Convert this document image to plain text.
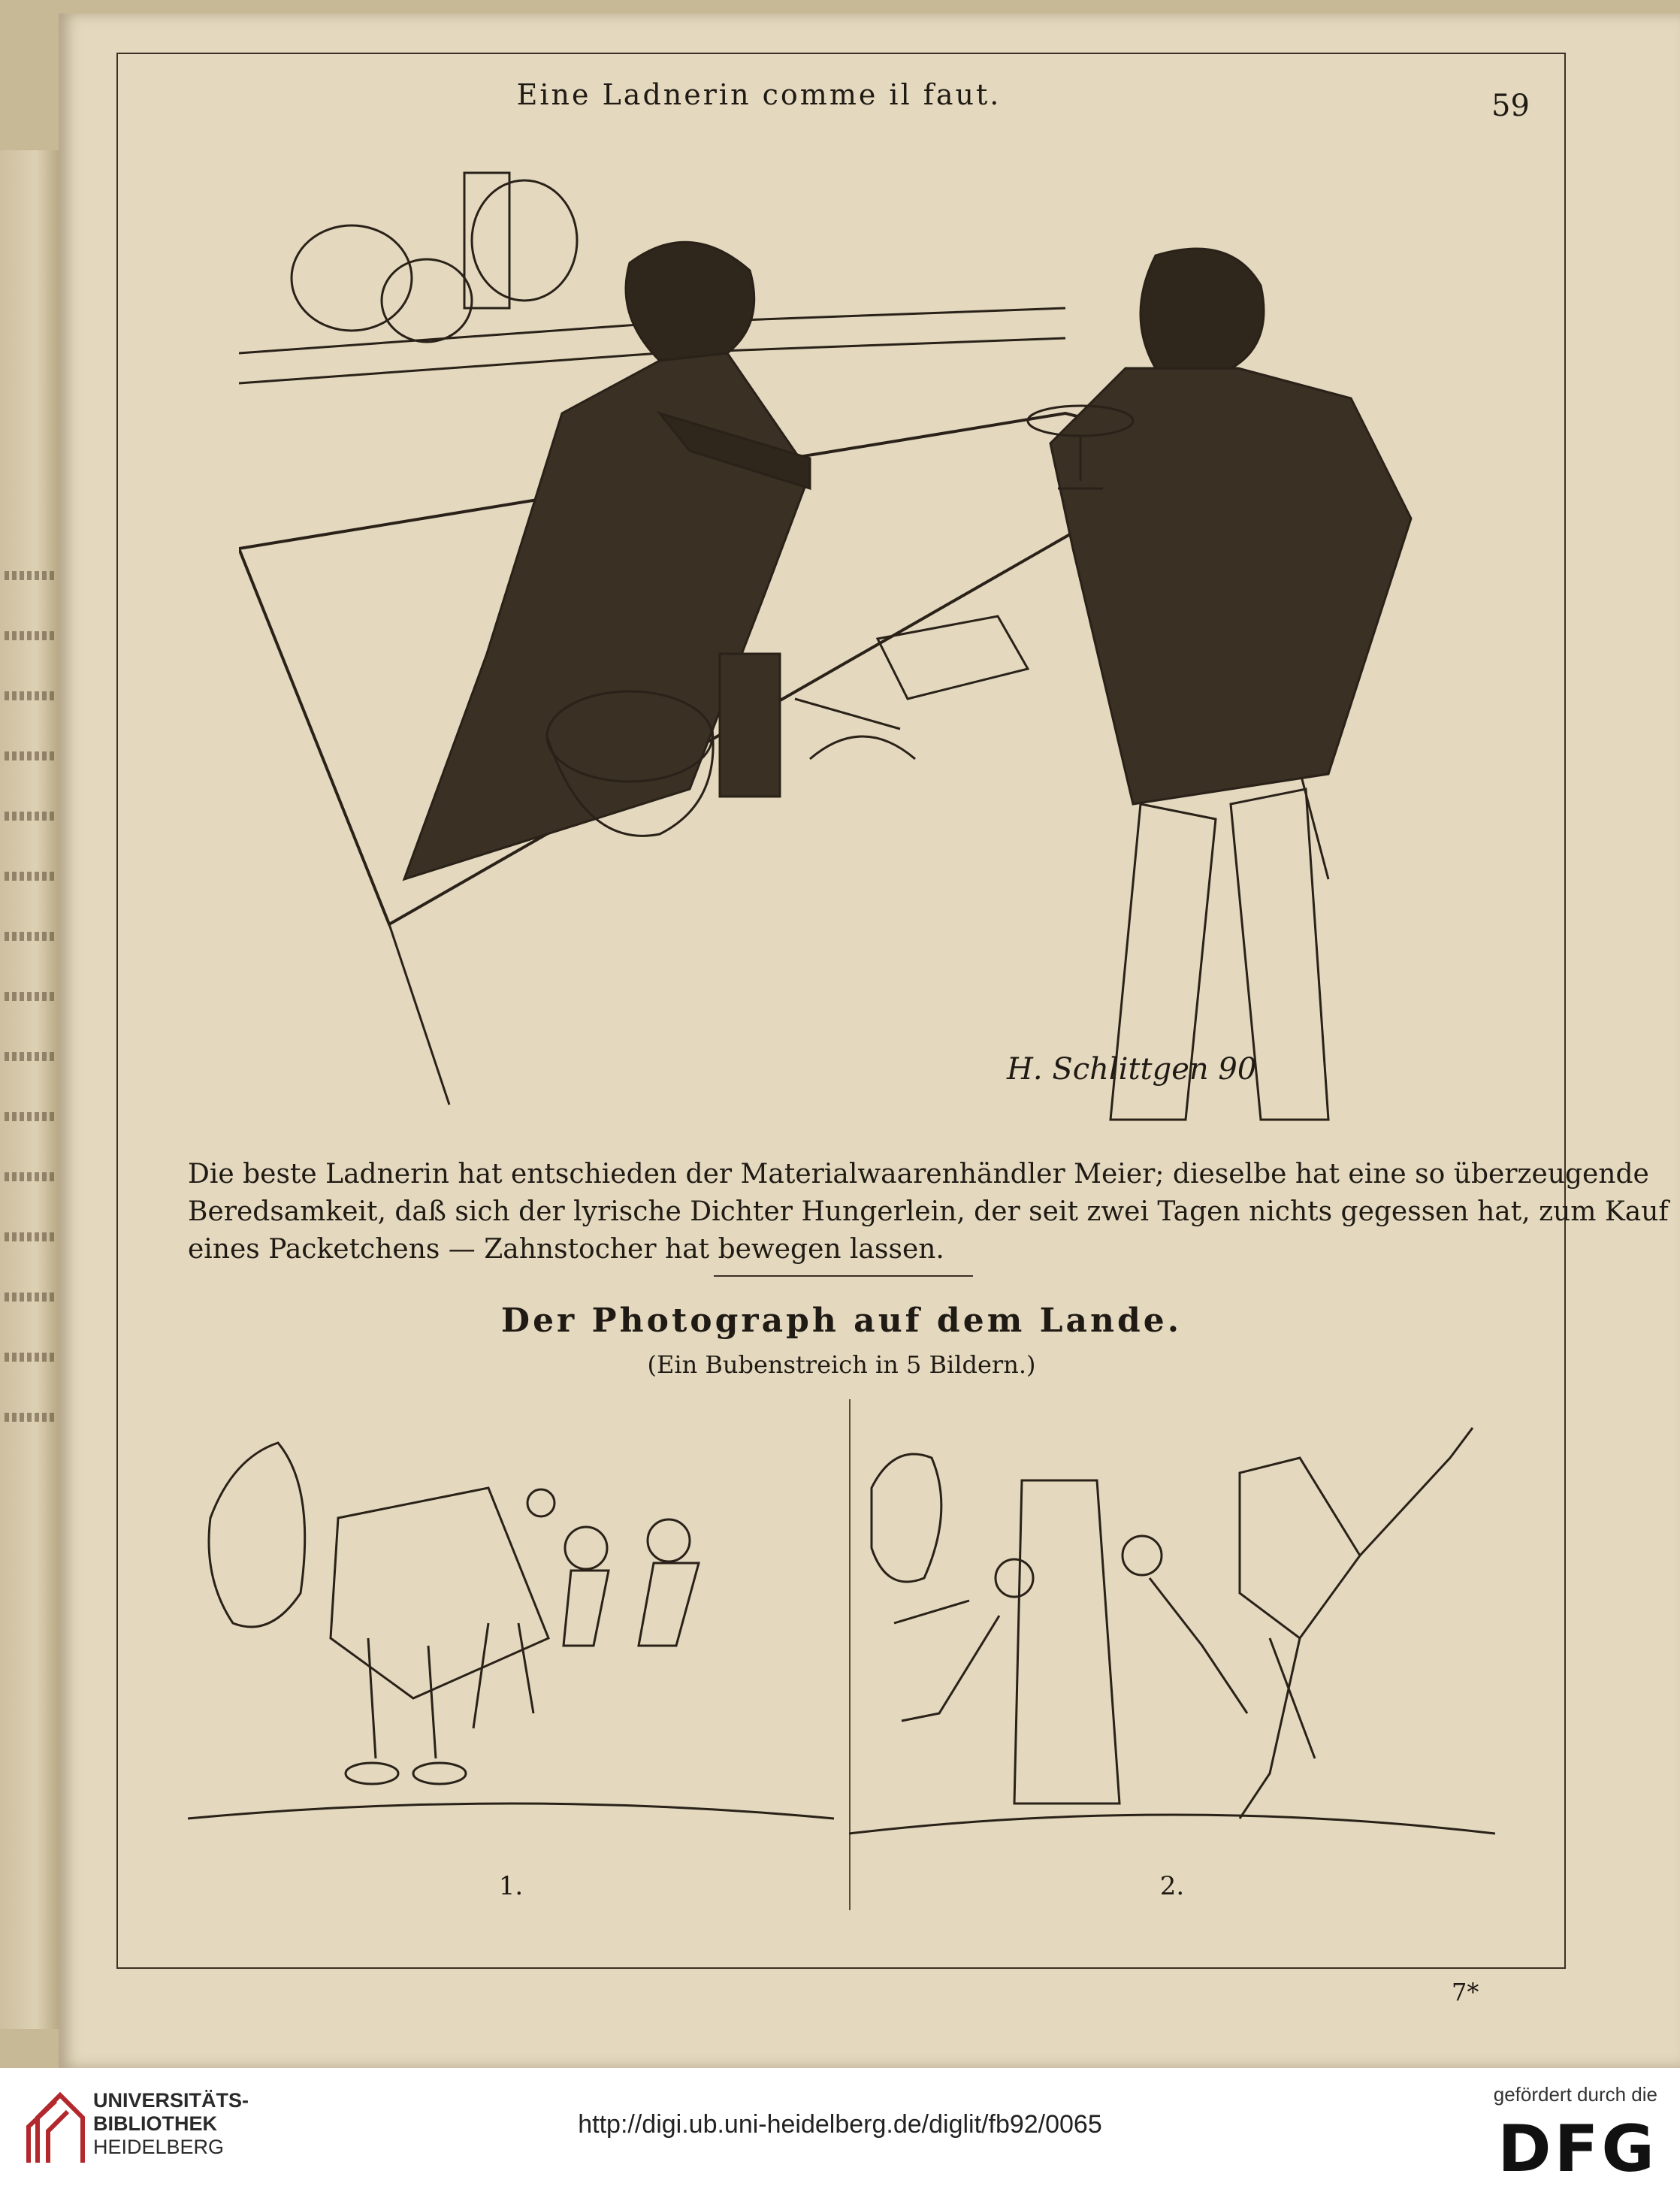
Eine Ladnerin comme il faut.	59
H. Schlittgen 90
Die beste Ladnerin hat entschieden der Materialwaarenhändler Meier; dieselbe hat eine so überzeugende
Beredsamkeit, daß sich der lyrische Dichter Hungerlein, der seit zwei Tagen nichts gegessen hat, zum Kauf
eines Packetchens — Zahnstocher hat bewegen lassen.
Der Photograph auf dem Lande.
(Ein Bubenstreich in 5 Bildern.)
1.	2.
7*
UNIVERSITÄTS-
BIBLIOTHEK
HEIDELBERG
http://digi.ub.uni-heidelberg.de/diglit/fb92/0065
gefördert durch die
DFG
